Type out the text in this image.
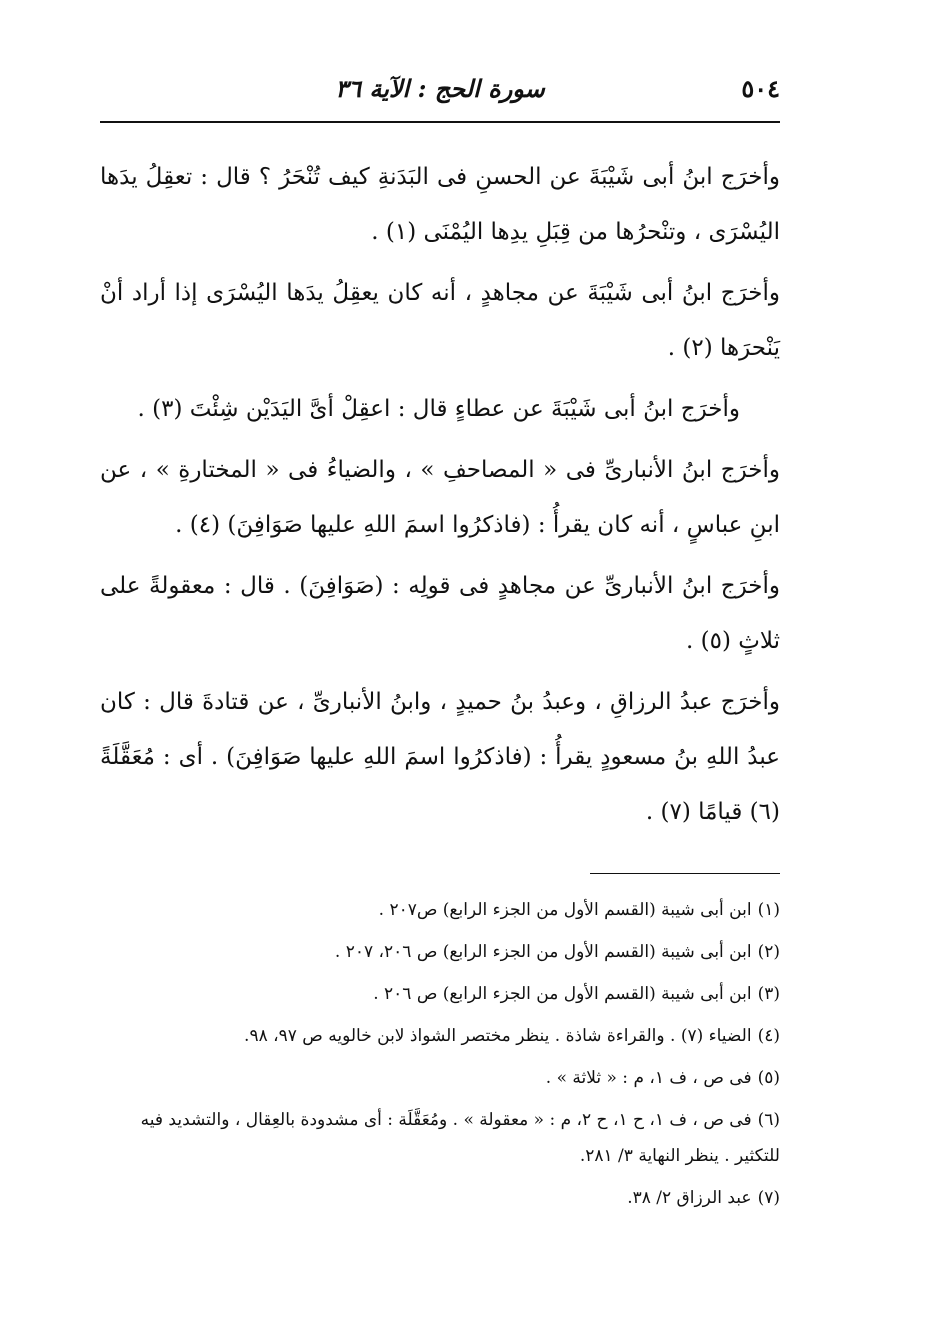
٥٠٤
سورة الحج : الآية ٣٦

وأخرَج ابنُ أبى شَيْبَةَ عن الحسنِ فى البَدَنةِ كيف تُنْحَرُ ؟ قال : تعقِلُ يدَها اليُسْرَى ، وتنْحرُها من قِبَلِ يدِها اليُمْنَى (١) .

وأخرَج ابنُ أبى شَيْبَةَ عن مجاهدٍ ، أنه كان يعقِلُ يدَها اليُسْرَى إذا أراد أنْ يَنْحرَها (٢) .

وأخرَج ابنُ أبى شَيْبَةَ عن عطاءٍ قال : اعقِلْ أىَّ اليَدَيْن شِئْتَ (٣) .

وأخرَج ابنُ الأنبارىِّ فى « المصاحفِ » ، والضياءُ فى « المختارةِ » ، عن ابنِ عباسٍ ، أنه كان يقرأُ : (فاذكرُوا اسمَ اللهِ عليها صَوَافِنَ) (٤) .

وأخرَج ابنُ الأنبارىِّ عن مجاهدٍ فى قولِه : (صَوَافِنَ) . قال : معقولةً على ثلاثٍ (٥) .

وأخرَج عبدُ الرزاقِ ، وعبدُ بنُ حميدٍ ، وابنُ الأنبارىِّ ، عن قتادةَ قال : كان عبدُ اللهِ بنُ مسعودٍ يقرأُ : (فاذكرُوا اسمَ اللهِ عليها صَوَافِنَ) . أى : مُعَقَّلَةً (٦) قيامًا (٧) .

(١)ابن أبى شيبة (القسم الأول من الجزء الرابع) ص٢٠٧ .

(٢)ابن أبى شيبة (القسم الأول من الجزء الرابع) ص ٢٠٦، ٢٠٧ .

(٣)ابن أبى شيبة (القسم الأول من الجزء الرابع) ص ٢٠٦ .

(٤)الضياء (٧) . والقراءة شاذة . ينظر مختصر الشواذ لابن خالويه ص ٩٧، ٩٨.

(٥)فى ص ، ف ١، م : « ثلاثة » .

(٦)فى ص ، ف ١، ح ١، ح ٢، م : « معقولة » . ومُعَقَّلَة : أى مشدودة بالعِقال ، والتشديد فيه للتكثير . ينظر النهاية ٣/ ٢٨١.

(٧)عبد الرزاق ٢/ ٣٨.
